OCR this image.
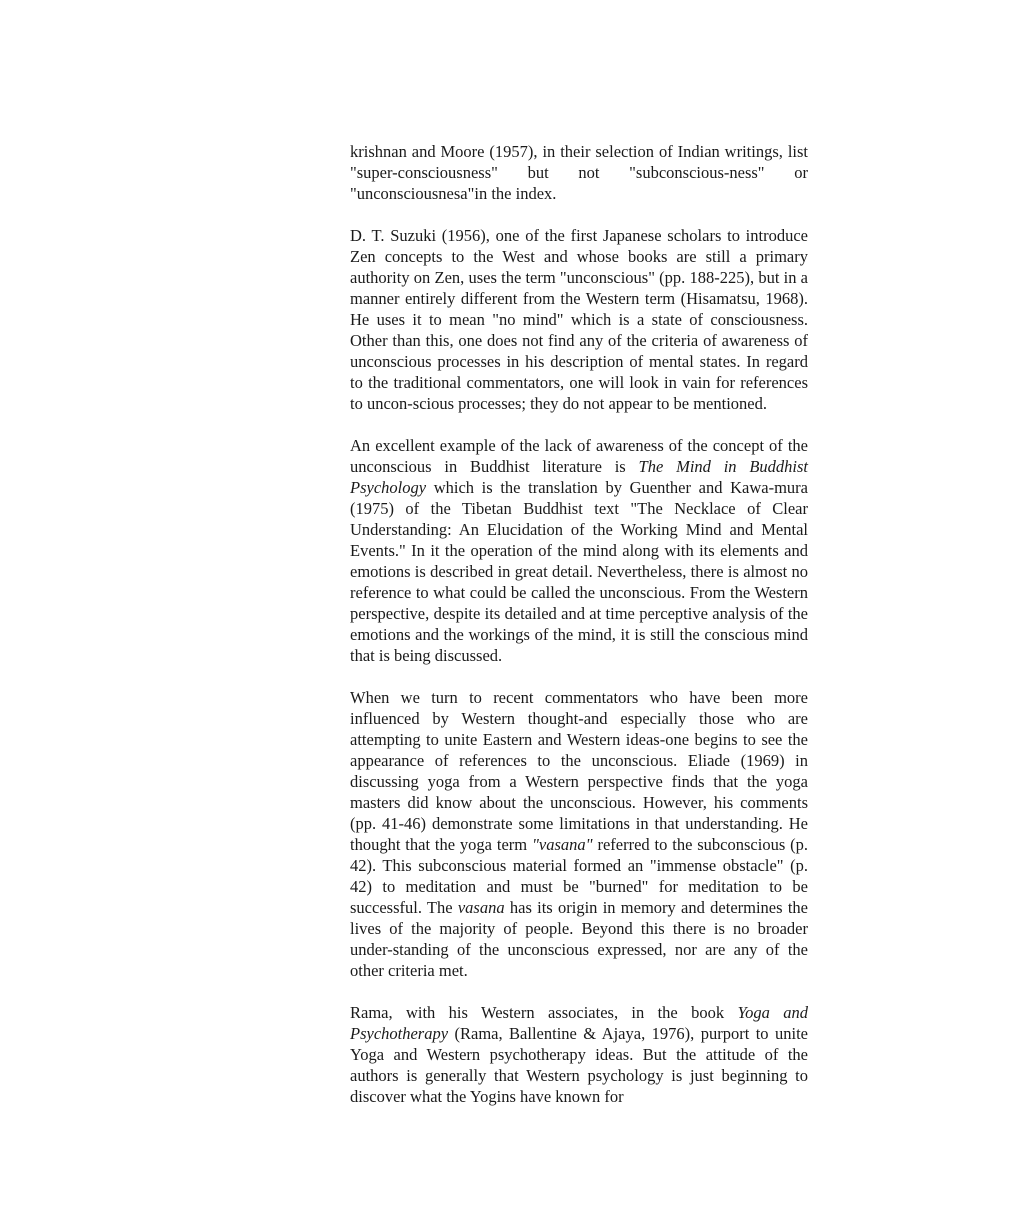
krishnan and Moore (1957), in their selection of Indian writings, list "super-consciousness" but not "subconscious-ness" or "unconsciousnesa"in the index.

D. T. Suzuki (1956), one of the first Japanese scholars to introduce Zen concepts to the West and whose books are still a primary authority on Zen, uses the term "unconscious" (pp. 188-225), but in a manner entirely different from the Western term (Hisamatsu, 1968). He uses it to mean "no mind" which is a state of consciousness. Other than this, one does not find any of the criteria of awareness of unconscious processes in his description of mental states. In regard to the traditional commentators, one will look in vain for references to uncon-scious processes; they do not appear to be mentioned.

An excellent example of the lack of awareness of the concept of the unconscious in Buddhist literature is The Mind in Buddhist Psychology which is the translation by Guenther and Kawa-mura (1975) of the Tibetan Buddhist text "The Necklace of Clear Understanding: An Elucidation of the Working Mind and Mental Events." In it the operation of the mind along with its elements and emotions is described in great detail. Nevertheless, there is almost no reference to what could be called the unconscious. From the Western perspective, despite its detailed and at time perceptive analysis of the emotions and the workings of the mind, it is still the conscious mind that is being discussed.

When we turn to recent commentators who have been more influenced by Western thought-and especially those who are attempting to unite Eastern and Western ideas-one begins to see the appearance of references to the unconscious. Eliade (1969) in discussing yoga from a Western perspective finds that the yoga masters did know about the unconscious. However, his comments (pp. 41-46) demonstrate some limitations in that understanding. He thought that the yoga term "vasana" referred to the subconscious (p. 42). This subconscious material formed an "immense obstacle" (p. 42) to meditation and must be "burned" for meditation to be successful. The vasana has its origin in memory and determines the lives of the majority of people. Beyond this there is no broader under-standing of the unconscious expressed, nor are any of the other criteria met.

Rama, with his Western associates, in the book Yoga and Psychotherapy (Rama, Ballentine & Ajaya, 1976), purport to unite Yoga and Western psychotherapy ideas. But the attitude of the authors is generally that Western psychology is just beginning to discover what the Yogins have known for
